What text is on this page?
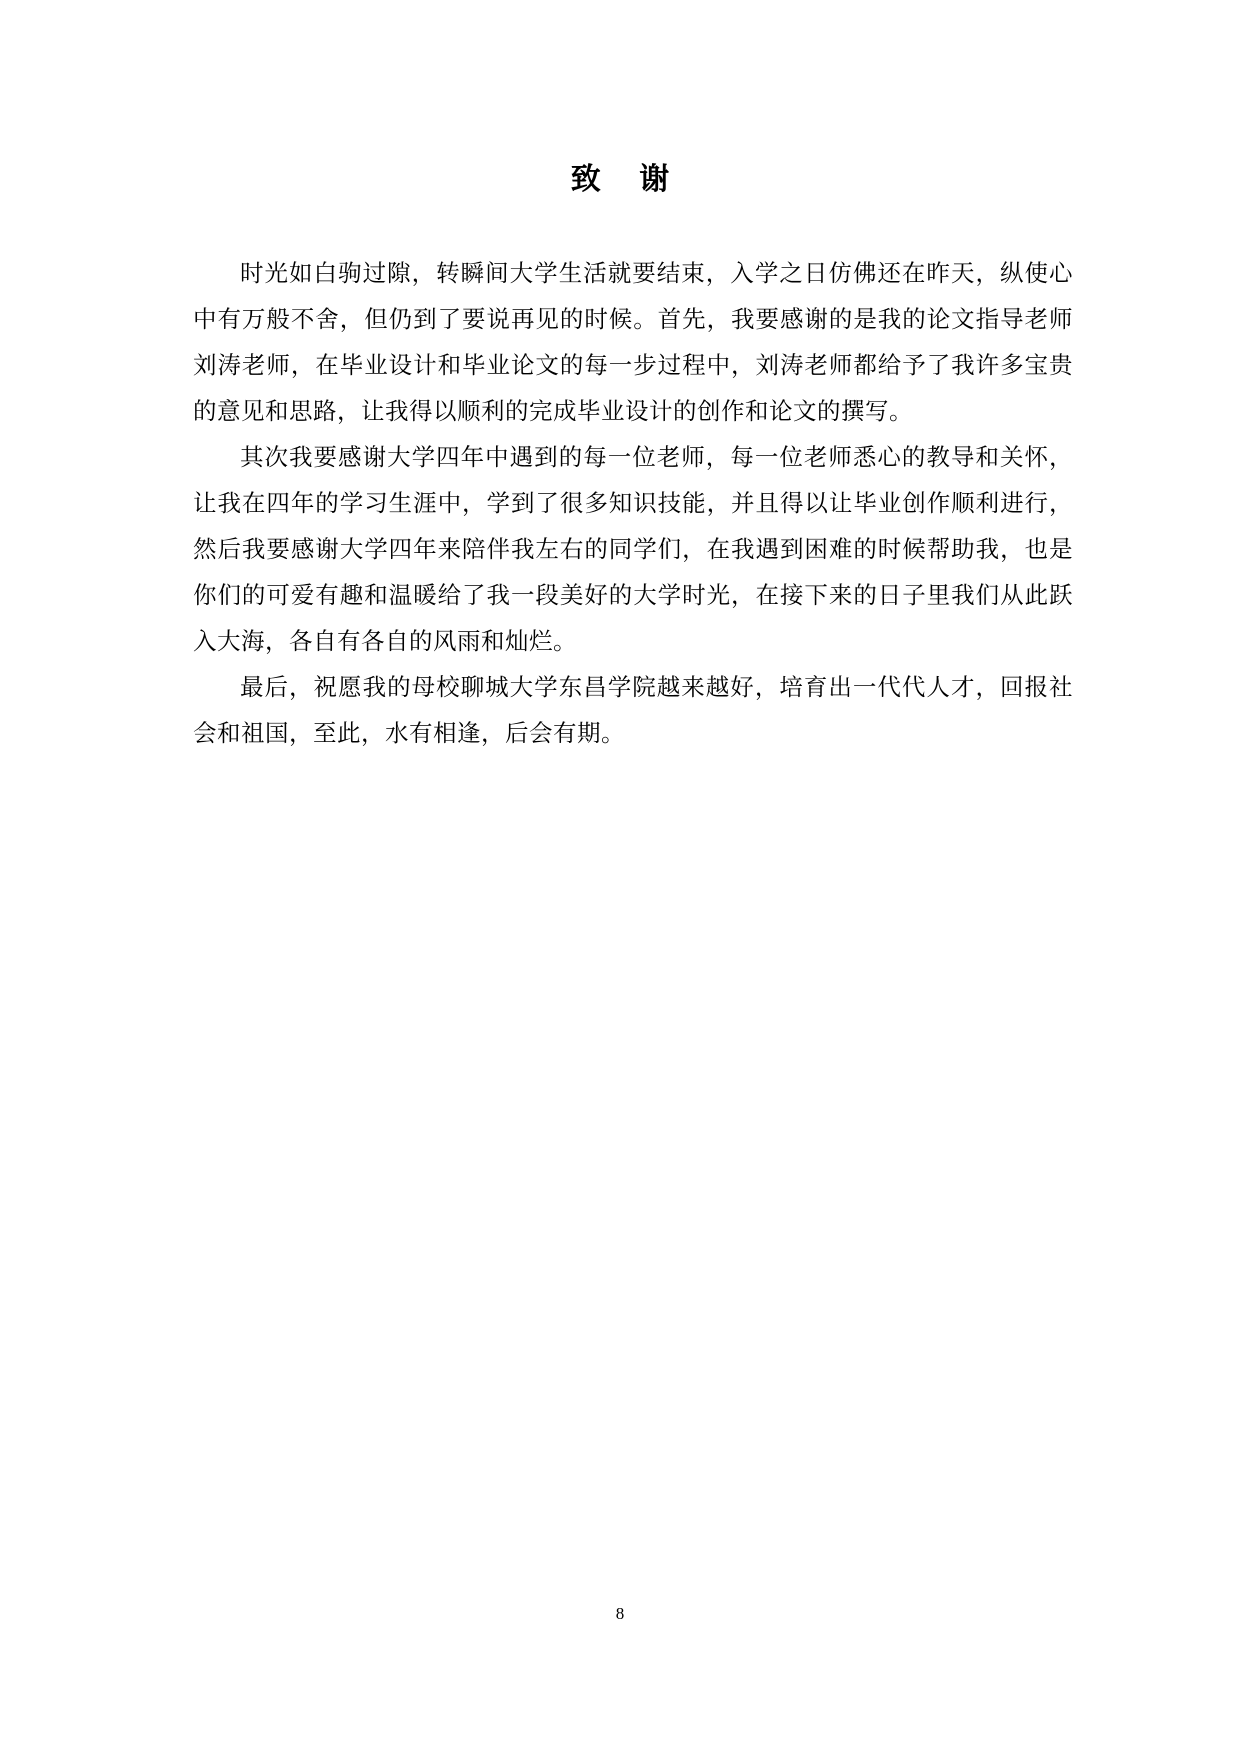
致 谢

时光如白驹过隙，转瞬间大学生活就要结束，入学之日仿佛还在昨天，纵使心中有万般不舍，但仍到了要说再见的时候。首先，我要感谢的是我的论文指导老师刘涛老师，在毕业设计和毕业论文的每一步过程中，刘涛老师都给予了我许多宝贵的意见和思路，让我得以顺利的完成毕业设计的创作和论文的撰写。

其次我要感谢大学四年中遇到的每一位老师，每一位老师悉心的教导和关怀，让我在四年的学习生涯中，学到了很多知识技能，并且得以让毕业创作顺利进行，然后我要感谢大学四年来陪伴我左右的同学们，在我遇到困难的时候帮助我，也是你们的可爱有趣和温暖给了我一段美好的大学时光，在接下来的日子里我们从此跃入大海，各自有各自的风雨和灿烂。

最后，祝愿我的母校聊城大学东昌学院越来越好，培育出一代代人才，回报社会和祖国，至此，水有相逢，后会有期。

8
